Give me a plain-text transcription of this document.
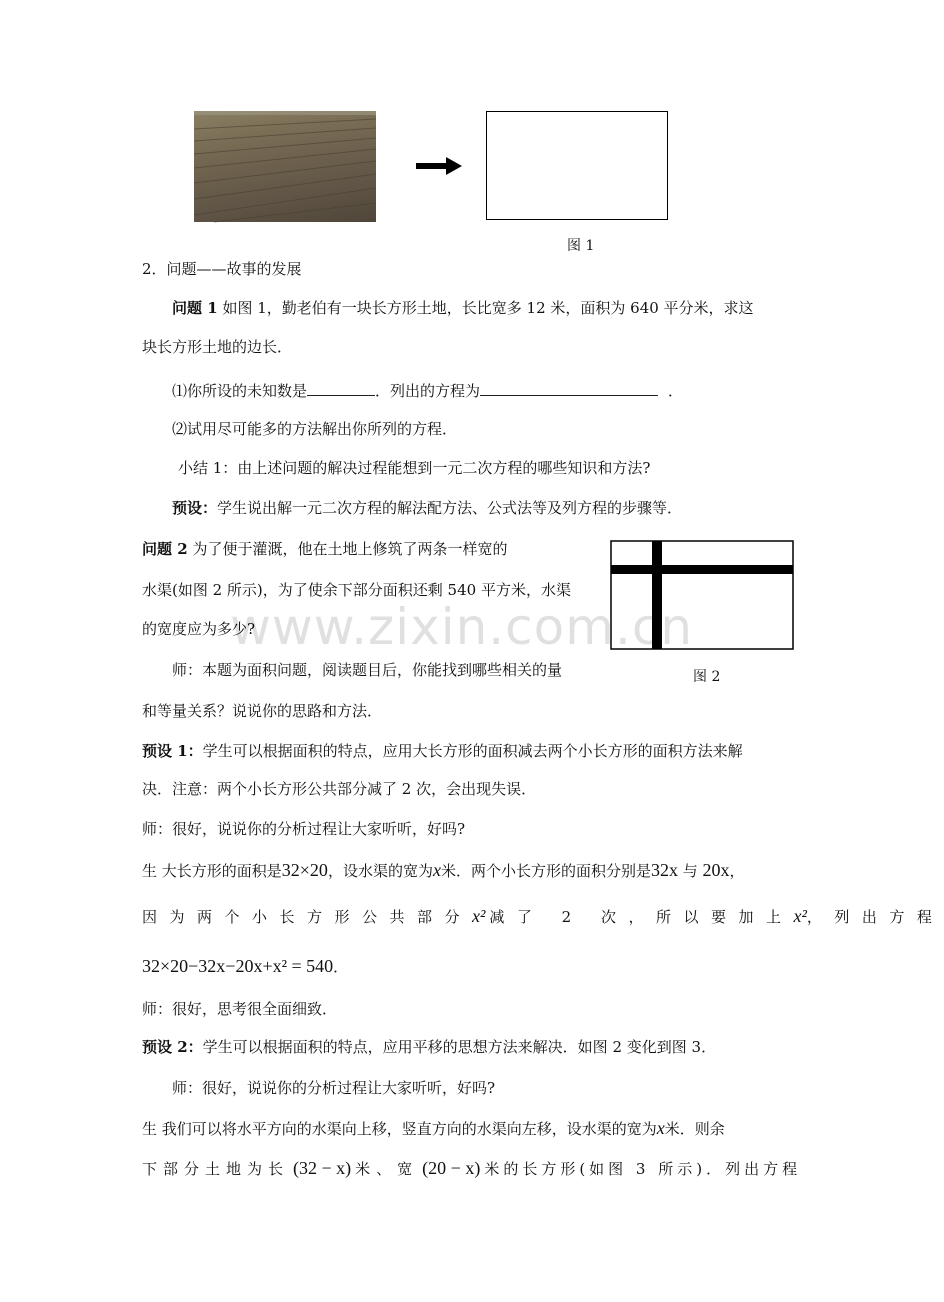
图 1
2．问题——故事的发展
问题 1 如图 1，勤老伯有一块长方形土地，长比宽多 12 米，面积为 640 平分米，求这
块长方形土地的边长．
⑴你所设的未知数是	．列出的方程为	．
⑵试用尽可能多的方法解出你所列的方程．
小结 1：由上述问题的解决过程能想到一元二次方程的哪些知识和方法?
预设：学生说出解一元二次方程的解法配方法、公式法等及列方程的步骤等．
问题 2 为了便于灌溉，他在土地上修筑了两条一样宽的
水渠(如图 2 所示)，为了使余下部分面积还剩 540 平方米，水渠
的宽度应为多少?
图 2
www.zixin.com.cn
师：本题为面积问题，阅读题目后，你能找到哪些相关的量
和等量关系？说说你的思路和方法．
预设 1：学生可以根据面积的特点，应用大长方形的面积减去两个小长方形的面积方法来解
决．注意：两个小长方形公共部分减了 2 次，会出现失误．
师：很好，说说你的分析过程让大家听听，好吗?
生 大长方形的面积是32×20，设水渠的宽为x米．两个小长方形的面积分别是32x 与 20x，
因为两个小长方形公共部分x² 减了 2 次，所以要加上x²，列出方程
32×20−32x−20x+x² = 540．
师：很好，思考很全面细致．
预设 2：学生可以根据面积的特点，应用平移的思想方法来解决．如图 2 变化到图 3．
师：很好，说说你的分析过程让大家听听，好吗?
生 我们可以将水平方向的水渠向上移，竖直方向的水渠向左移，设水渠的宽为x米．则余
下部分土地为长 (32 − x) 米、宽 (20 − x) 米的长方形(如图 3 所示)．列出方程
